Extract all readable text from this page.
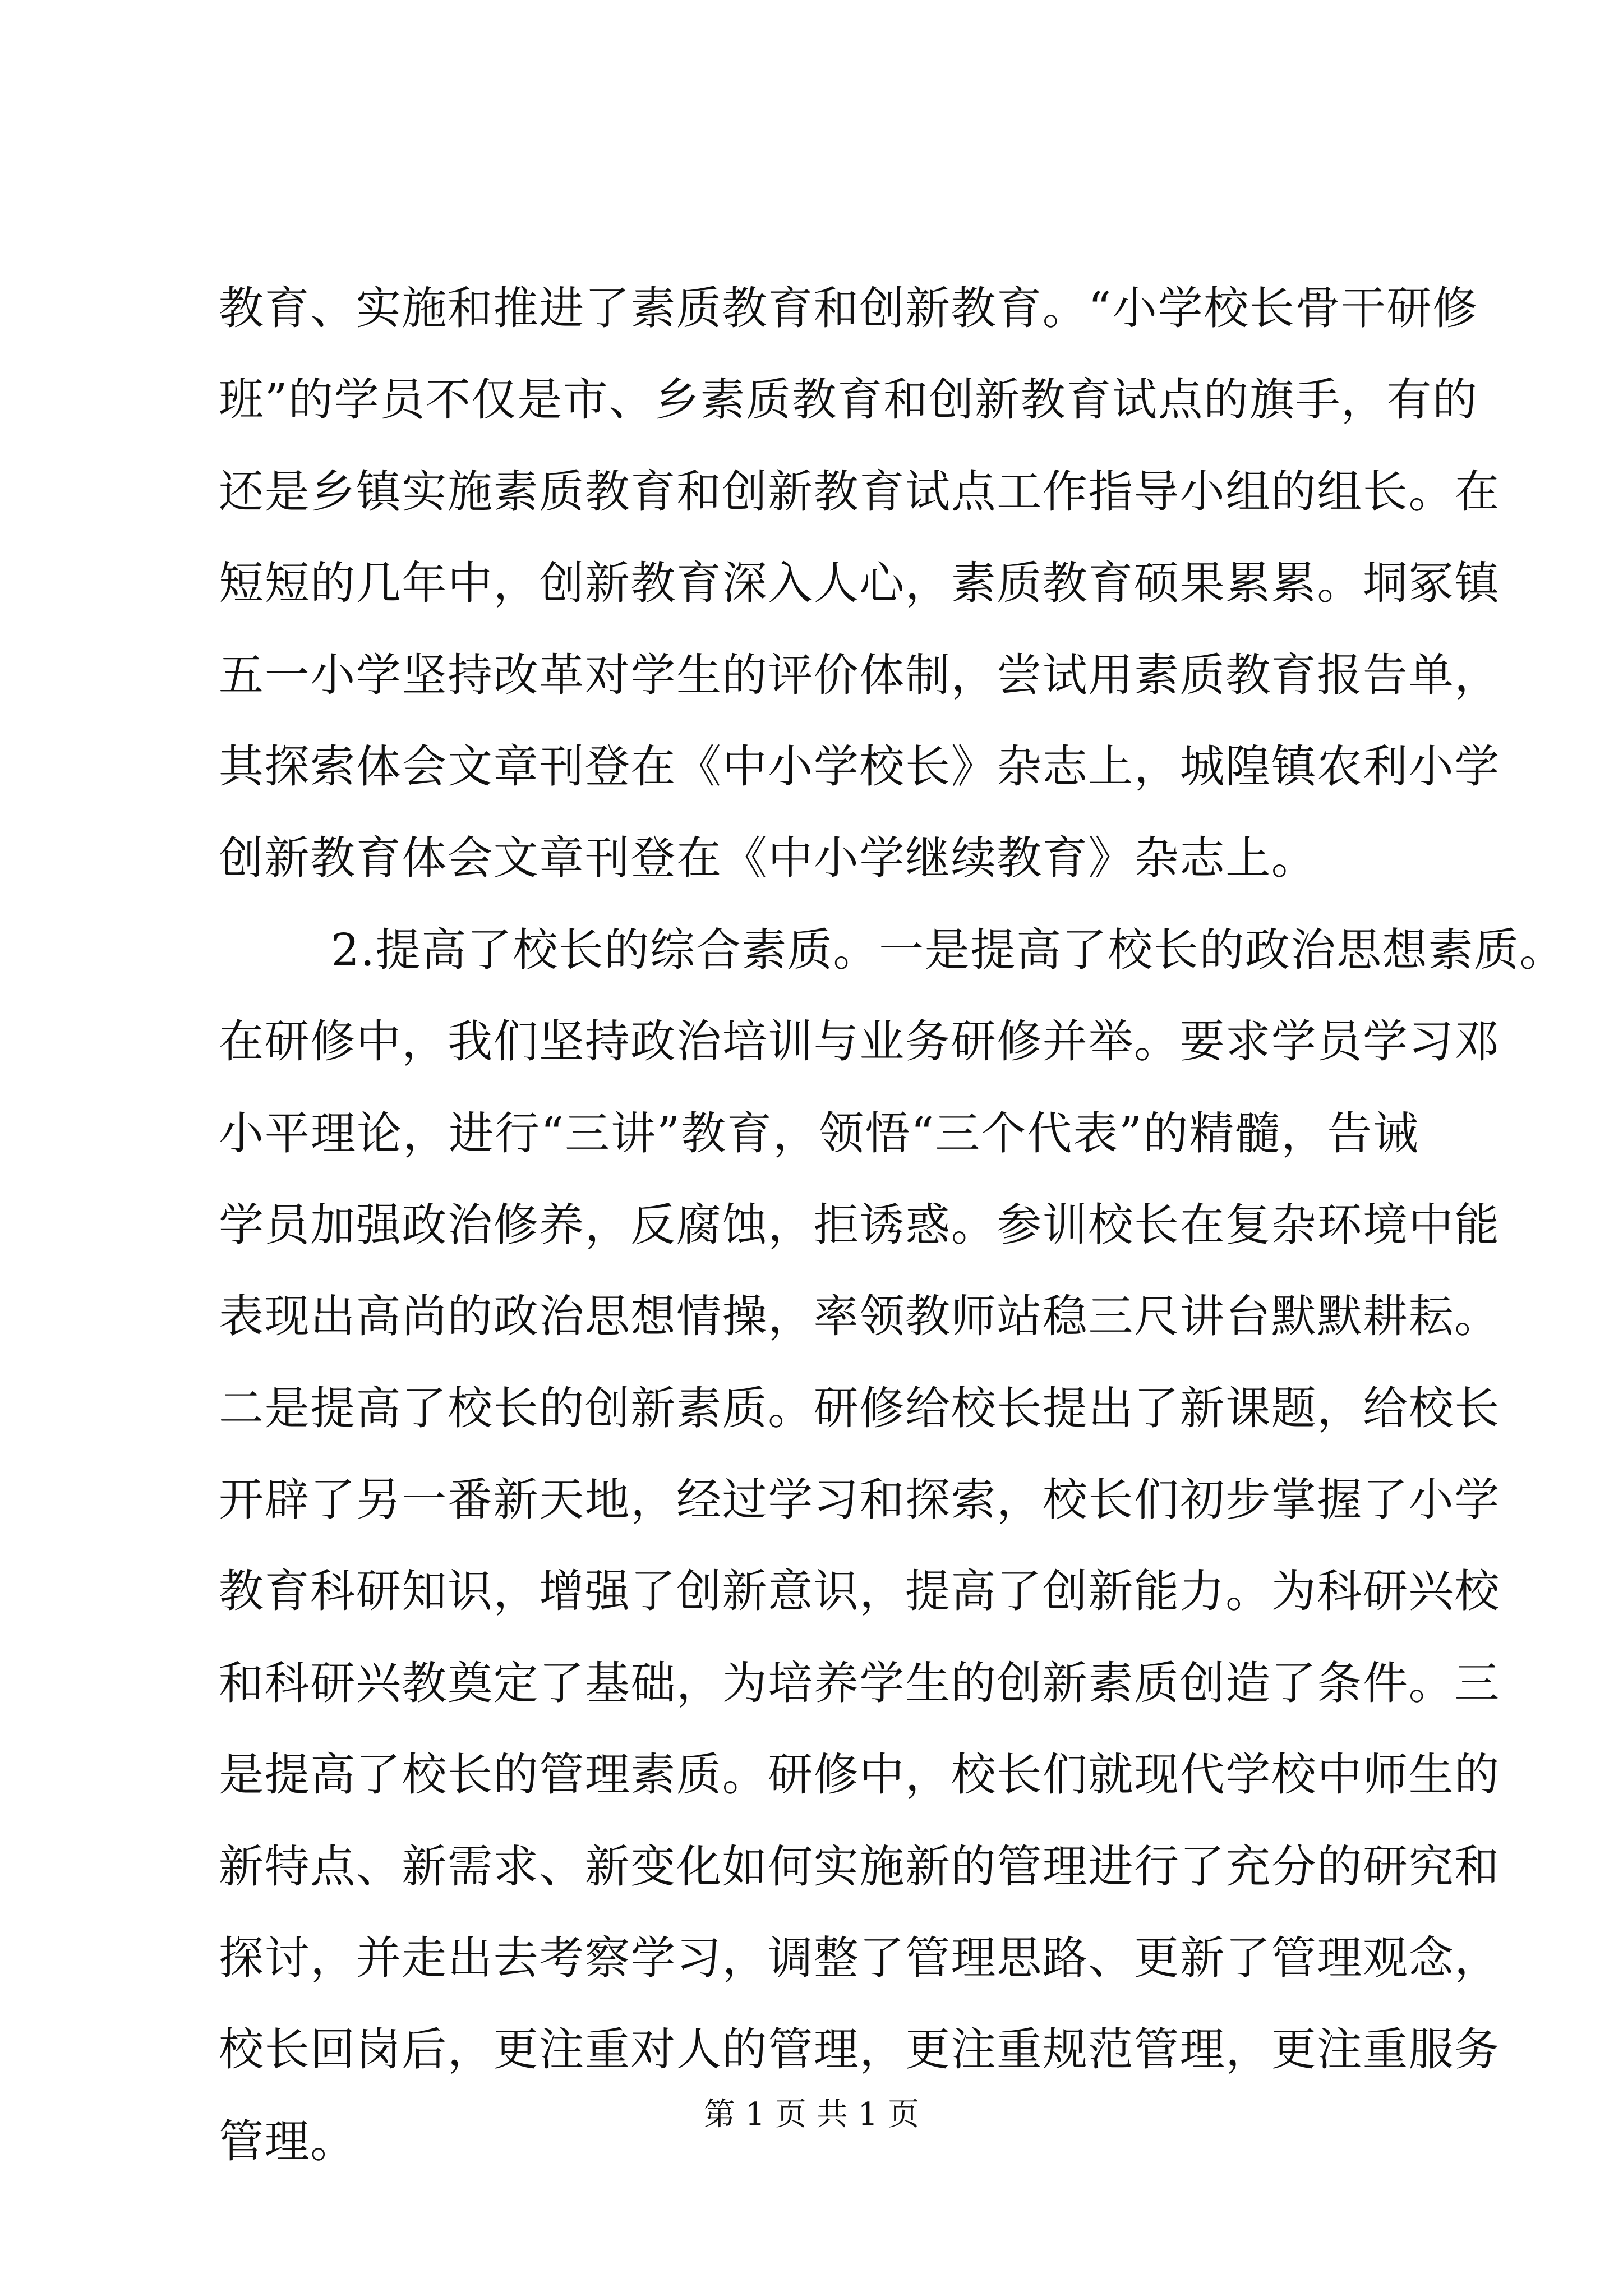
教育、实施和推进了素质教育和创新教育。“小学校长骨干研修
班”的学员不仅是市、乡素质教育和创新教育试点的旗手，有的
还是乡镇实施素质教育和创新教育试点工作指导小组的组长。在
短短的几年中，创新教育深入人心，素质教育硕果累累。垌冢镇
五一小学坚持改革对学生的评价体制，尝试用素质教育报告单，
其探索体会文章刊登在《中小学校长》杂志上，城隍镇农利小学
创新教育体会文章刊登在《中小学继续教育》杂志上。
2.提高了校长的综合素质。一是提高了校长的政治思想素质。
在研修中，我们坚持政治培训与业务研修并举。要求学员学习邓
小平理论，进行“三讲”教育，领悟“三个代表”的精髓，告诫
学员加强政治修养，反腐蚀，拒诱惑。参训校长在复杂环境中能
表现出高尚的政治思想情操，率领教师站稳三尺讲台默默耕耘。
二是提高了校长的创新素质。研修给校长提出了新课题，给校长
开辟了另一番新天地，经过学习和探索，校长们初步掌握了小学
教育科研知识，增强了创新意识，提高了创新能力。为科研兴校
和科研兴教奠定了基础，为培养学生的创新素质创造了条件。三
是提高了校长的管理素质。研修中，校长们就现代学校中师生的
新特点、新需求、新变化如何实施新的管理进行了充分的研究和
探讨，并走出去考察学习，调整了管理思路、更新了管理观念，
校长回岗后，更注重对人的管理，更注重规范管理，更注重服务
管理。
第 1 页 共 1 页
